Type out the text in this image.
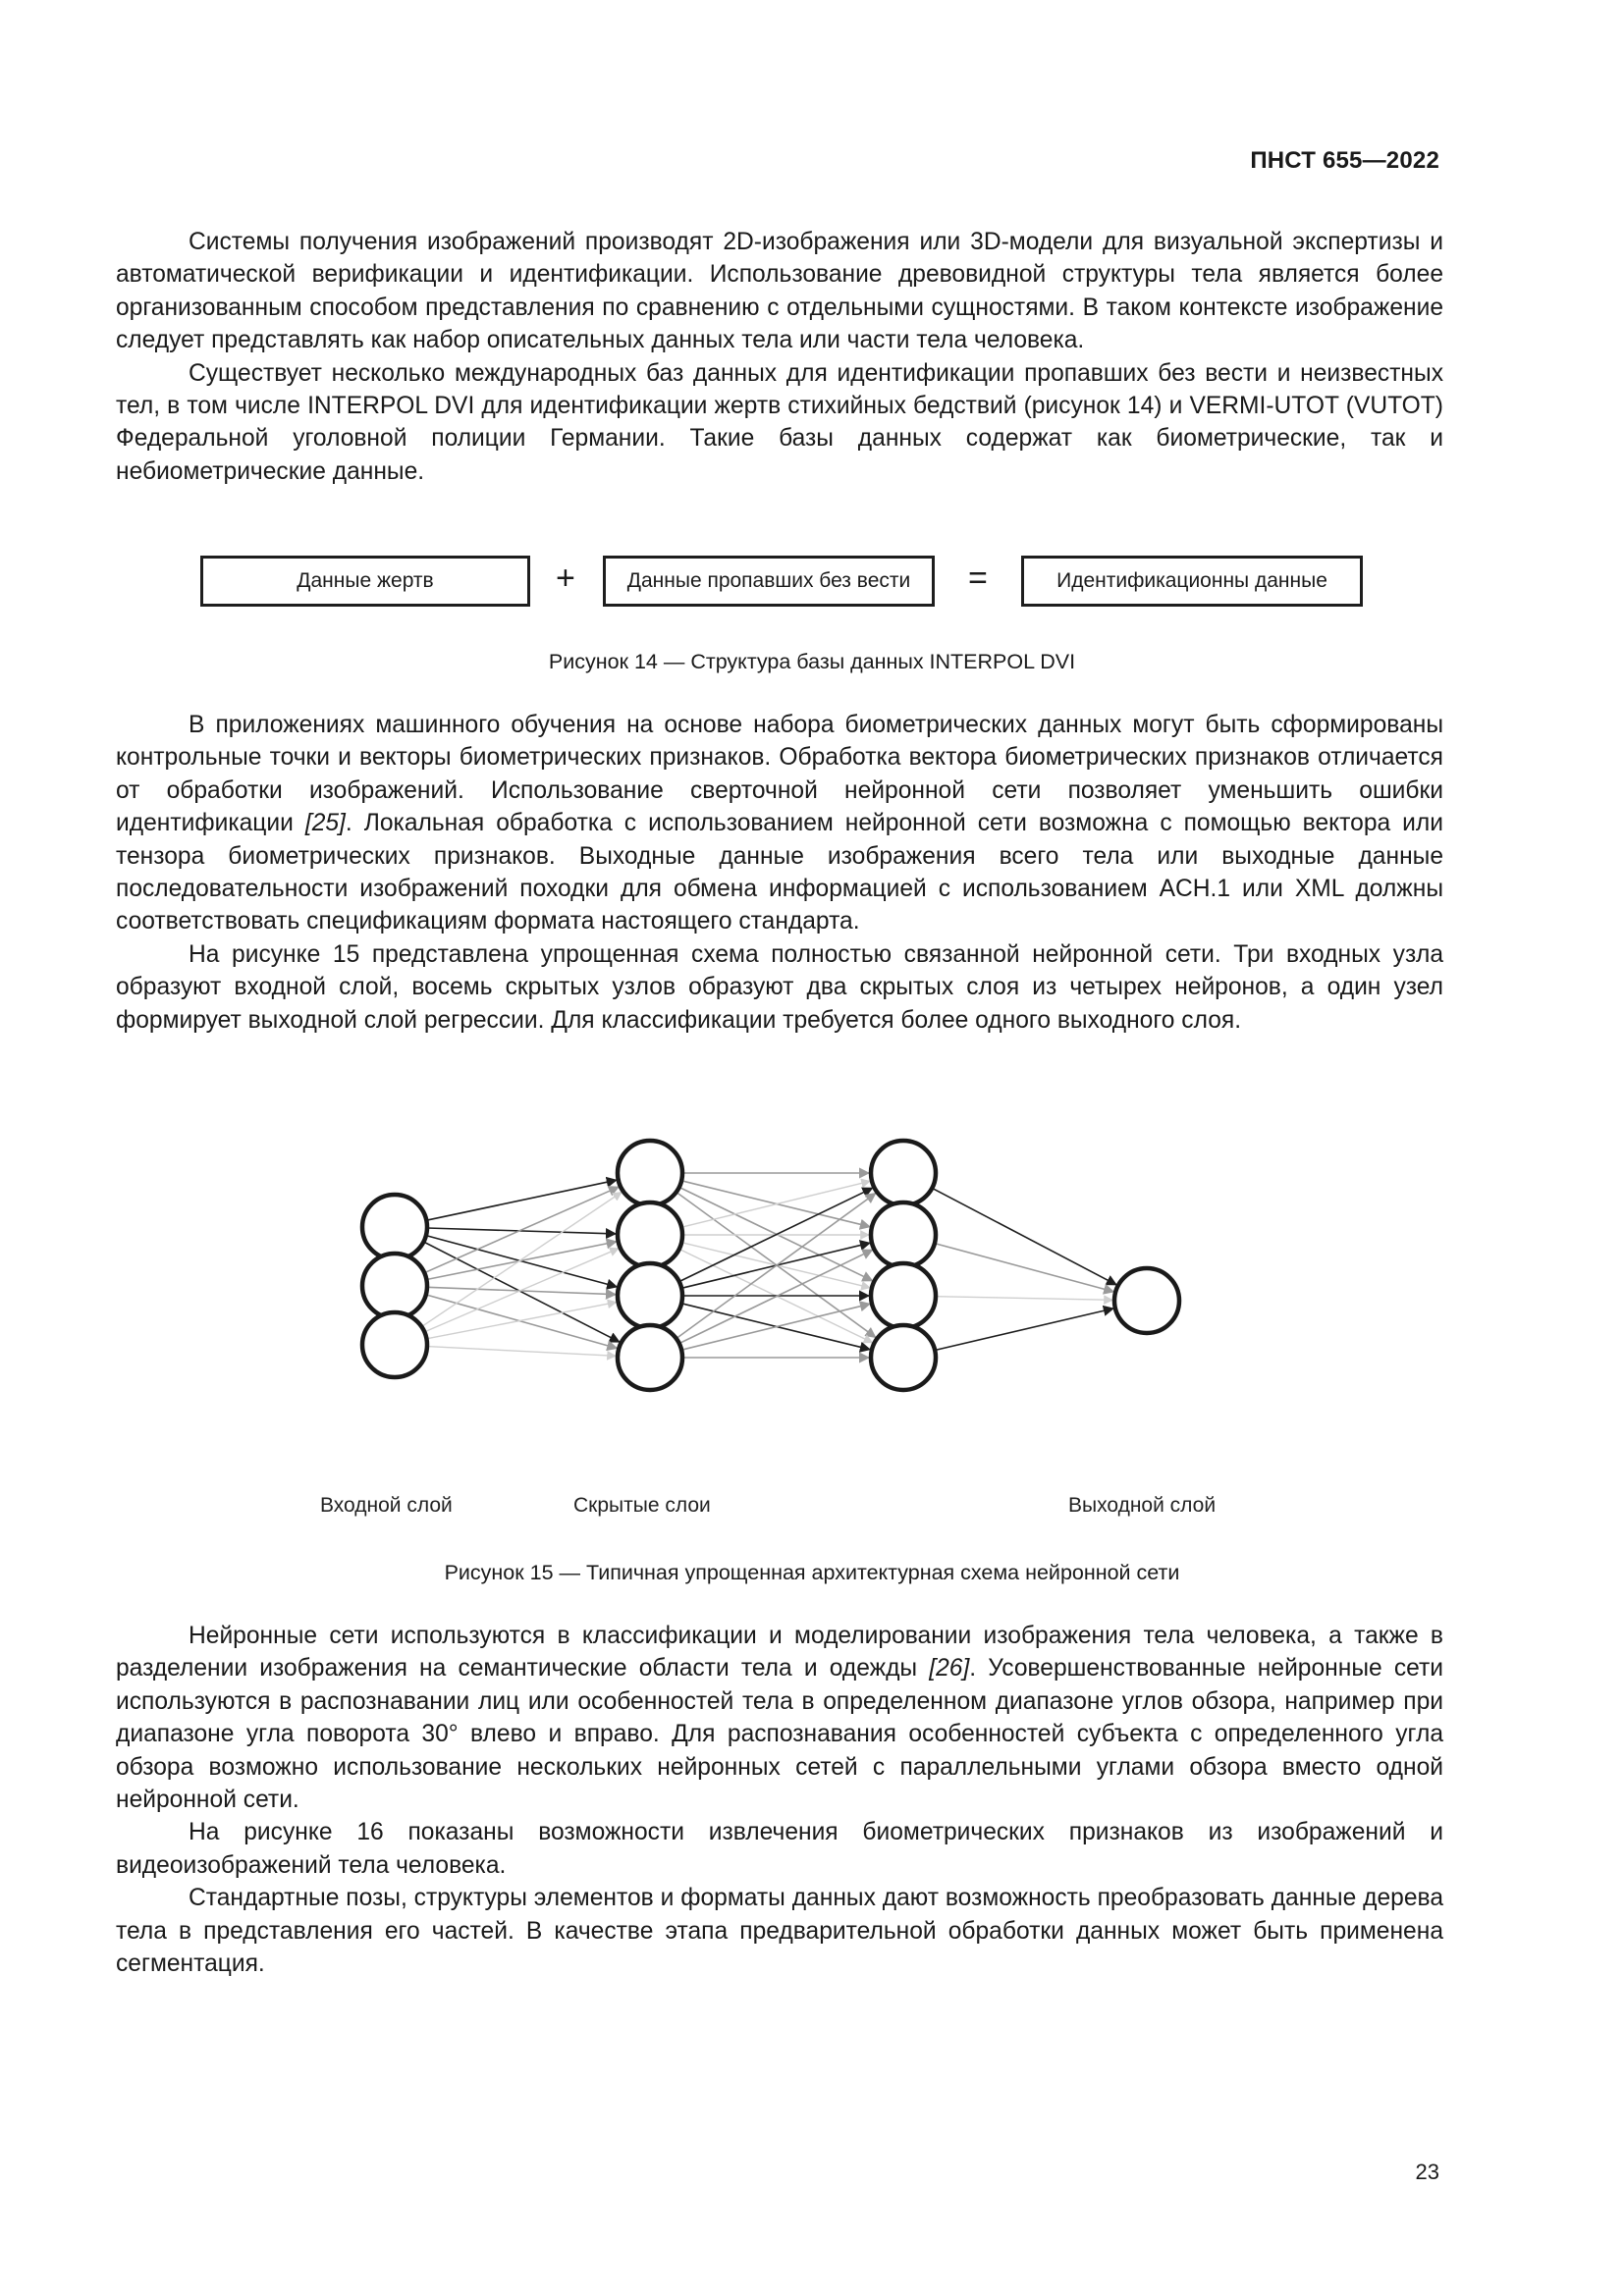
ПНСТ 655—2022

Системы получения изображений производят 2D-изображения или 3D-модели для визуальной экспертизы и автоматической верификации и идентификации. Использование древовидной структуры тела является более организованным способом представления по сравнению с отдельными сущностями. В таком контексте изображение следует представлять как набор описательных данных тела или части тела человека.

Существует несколько международных баз данных для идентификации пропавших без вести и неизвестных тел, в том числе INTERPOL DVI для идентификации жертв стихийных бедствий (рисунок 14) и VERMI-UTOT (VUTOT) Федеральной уголовной полиции Германии. Такие базы данных содержат как биометрические, так и небиометрические данные.

Данные жертв	+	Данные пропавших без вести	=	Идентификационны данные
Рисунок 14 — Структура базы данных INTERPOL DVI

В приложениях машинного обучения на основе набора биометрических данных могут быть сформированы контрольные точки и векторы биометрических признаков. Обработка вектора биометрических признаков отличается от обработки изображений. Использование сверточной нейронной сети позволяет уменьшить ошибки идентификации [25]. Локальная обработка с использованием нейронной сети возможна с помощью вектора или тензора биометрических признаков. Выходные данные изображения всего тела или выходные данные последовательности изображений походки для обмена информацией с использованием ACH.1 или XML должны соответствовать спецификациям формата настоящего стандарта.

На рисунке 15 представлена упрощенная схема полностью связанной нейронной сети. Три входных узла образуют входной слой, восемь скрытых узлов образуют два скрытых слоя из четырех нейронов, а один узел формирует выходной слой регрессии. Для классификации требуется более одного выходного слоя.

Входной слой	Скрытые слои	Выходной слой
Рисунок 15 — Типичная упрощенная архитектурная схема нейронной сети

Нейронные сети используются в классификации и моделировании изображения тела человека, а также в разделении изображения на семантические области тела и одежды [26]. Усовершенствованные нейронные сети используются в распознавании лиц или особенностей тела в определенном диапазоне углов обзора, например при диапазоне угла поворота 30° влево и вправо. Для распознавания особенностей субъекта с определенного угла обзора возможно использование нескольких нейронных сетей с параллельными углами обзора вместо одной нейронной сети.

На рисунке 16 показаны возможности извлечения биометрических признаков из изображений и видеоизображений тела человека.

Стандартные позы, структуры элементов и форматы данных дают возможность преобразовать данные дерева тела в представления его частей. В качестве этапа предварительной обработки данных может быть применена сегментация.

23
